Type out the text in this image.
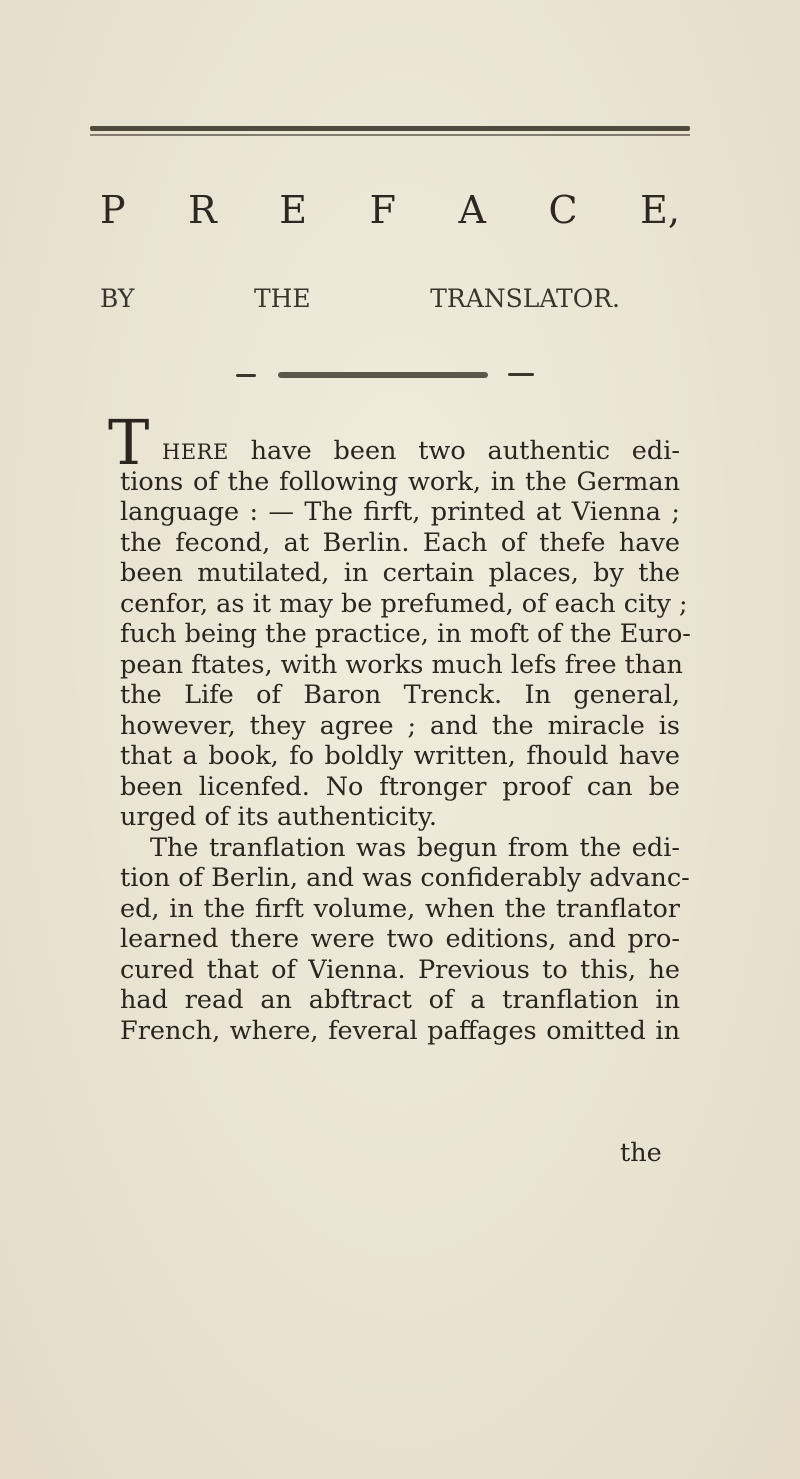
P R E F A C E,
BY	THE	TRANSLATOR.
T HERE have been two authentic edi-
tions of the following work, in the German
language : — The firft, printed at Vienna ;
the fecond, at Berlin. Each of thefe have
been mutilated, in certain places, by the
cenfor, as it may be prefumed, of each city ;
fuch being the practice, in moft of the Euro-
pean ftates, with works much lefs free than
the Life of Baron Trenck. In general,
however, they agree ; and the miracle is
that a book, fo boldly written, fhould have
been licenfed. No ftronger proof can be
urged of its authenticity.
The tranflation was begun from the edi-
tion of Berlin, and was confiderably advanc-
ed, in the firft volume, when the tranflator
learned there were two editions, and pro-
cured that of Vienna. Previous to this, he
had read an abftract of a tranflation in
French, where, feveral paffages omitted in
the
